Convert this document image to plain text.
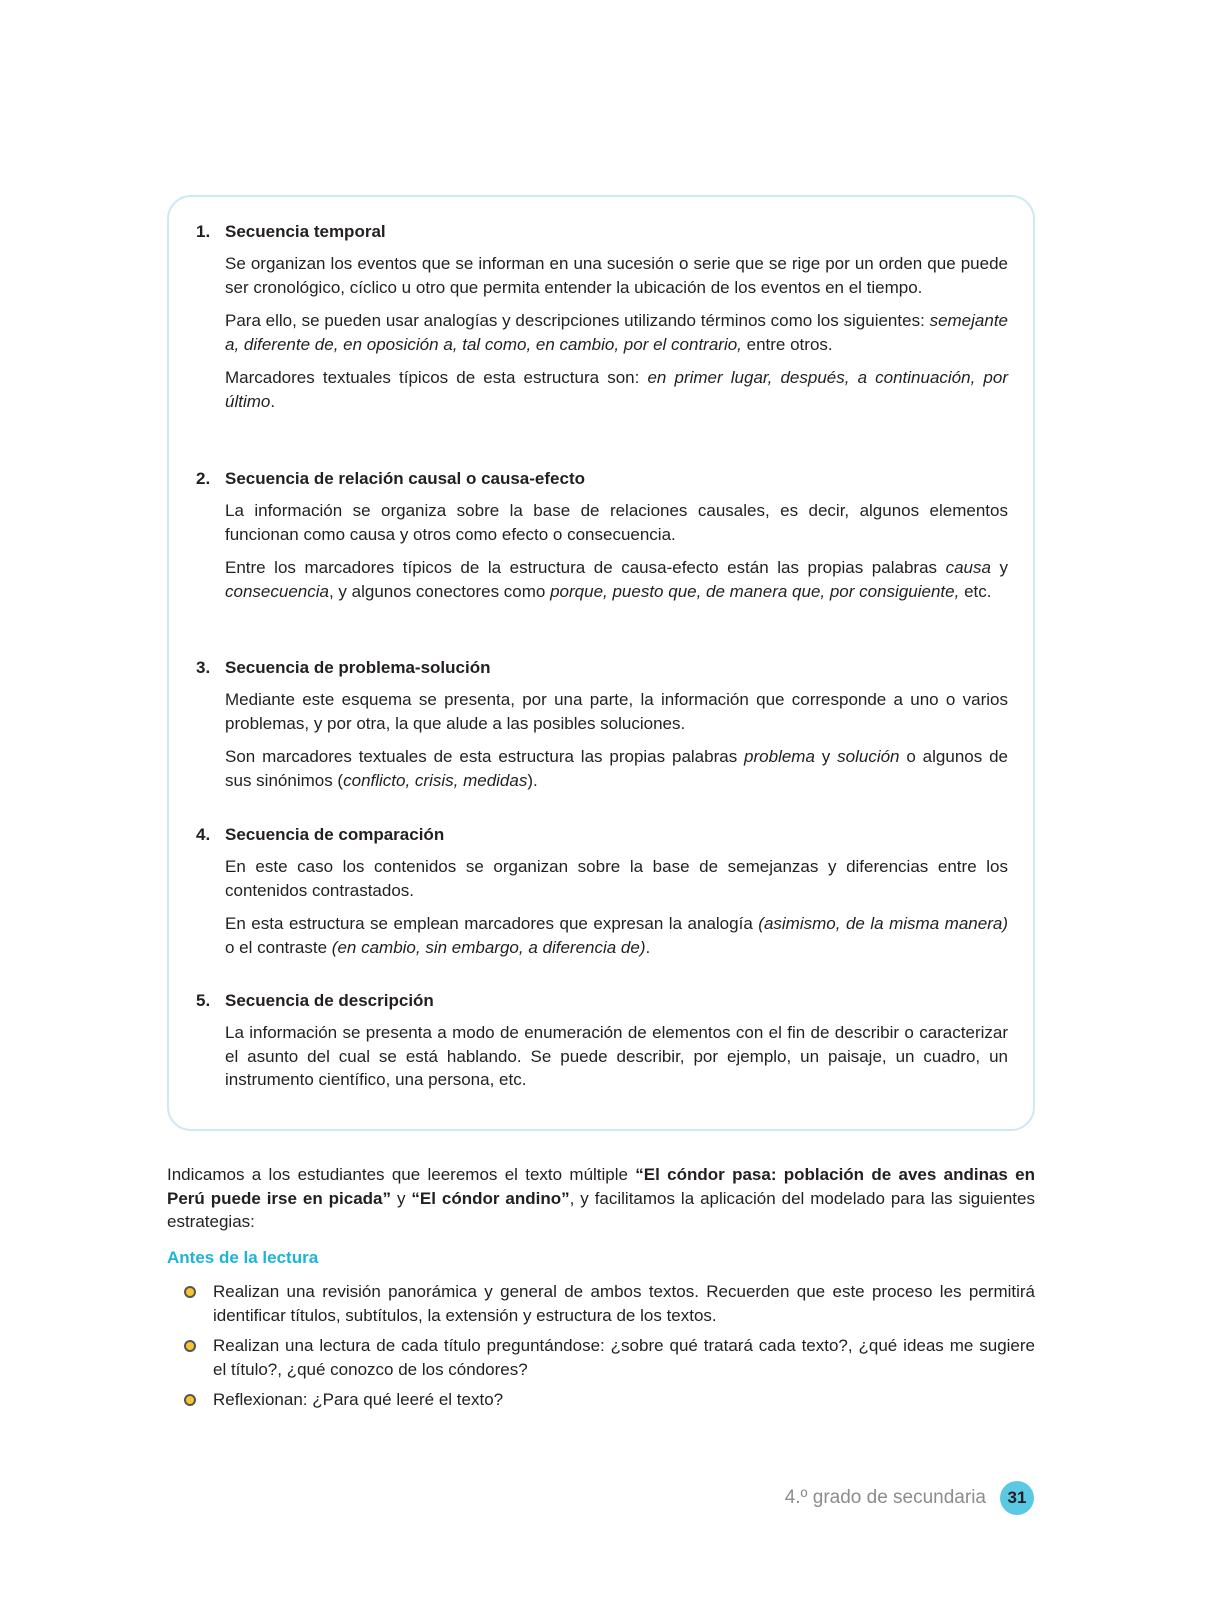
1. Secuencia temporal

Se organizan los eventos que se informan en una sucesión o serie que se rige por un orden que puede ser cronológico, cíclico u otro que permita entender la ubicación de los eventos en el tiempo.

Para ello, se pueden usar analogías y descripciones utilizando términos como los siguientes: semejante a, diferente de, en oposición a, tal como, en cambio, por el contrario, entre otros.

Marcadores textuales típicos de esta estructura son: en primer lugar, después, a continuación, por último.

2. Secuencia de relación causal o causa-efecto

La información se organiza sobre la base de relaciones causales, es decir, algunos elementos funcionan como causa y otros como efecto o consecuencia.

Entre los marcadores típicos de la estructura de causa-efecto están las propias palabras causa y consecuencia, y algunos conectores como porque, puesto que, de manera que, por consiguiente, etc.

3. Secuencia de problema-solución

Mediante este esquema se presenta, por una parte, la información que corresponde a uno o varios problemas, y por otra, la que alude a las posibles soluciones.

Son marcadores textuales de esta estructura las propias palabras problema y solución o algunos de sus sinónimos (conflicto, crisis, medidas).

4. Secuencia de comparación

En este caso los contenidos se organizan sobre la base de semejanzas y diferencias entre los contenidos contrastados.

En esta estructura se emplean marcadores que expresan la analogía (asimismo, de la misma manera) o el contraste (en cambio, sin embargo, a diferencia de).

5. Secuencia de descripción

La información se presenta a modo de enumeración de elementos con el fin de describir o caracterizar el asunto del cual se está hablando. Se puede describir, por ejemplo, un paisaje, un cuadro, un instrumento científico, una persona, etc.

Indicamos a los estudiantes que leeremos el texto múltiple “El cóndor pasa: población de aves andinas en Perú puede irse en picada” y “El cóndor andino”, y facilitamos la aplicación del modelado para las siguientes estrategias:

Antes de la lectura

Realizan una revisión panorámica y general de ambos textos. Recuerden que este proceso les permitirá identificar títulos, subtítulos, la extensión y estructura de los textos.
Realizan una lectura de cada título preguntándose: ¿sobre qué tratará cada texto?, ¿qué ideas me sugiere el título?, ¿qué conozco de los cóndores?
Reflexionan: ¿Para qué leeré el texto?
4.º grado de secundaria	31
